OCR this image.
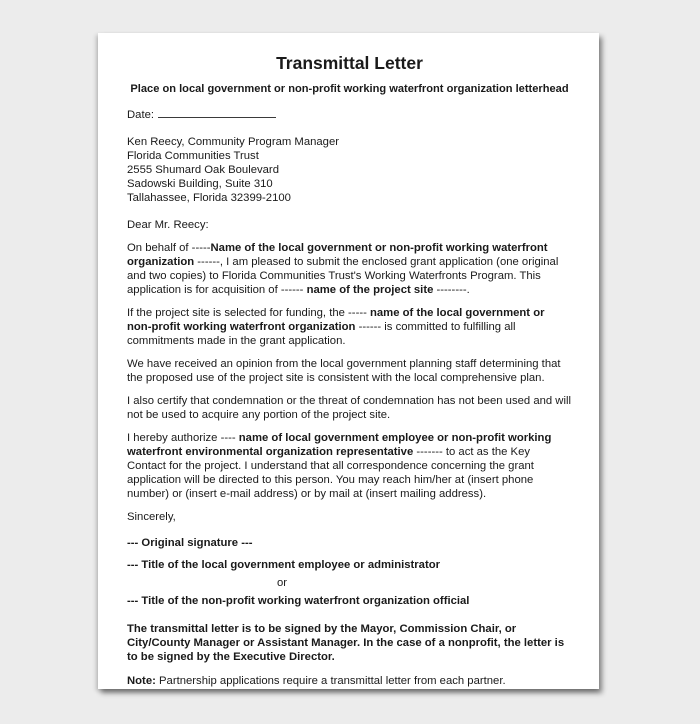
Transmittal Letter
Place on local government or non-profit working waterfront organization letterhead
Date:
Ken Reecy, Community Program Manager
Florida Communities Trust
2555 Shumard Oak Boulevard
Sadowski Building, Suite 310
Tallahassee, Florida 32399-2100
Dear Mr. Reecy:

On behalf of -----Name of the local government or non-profit working waterfront organization ------, I am pleased to submit the enclosed grant application (one original and two copies) to Florida Communities Trust's Working Waterfronts Program. This application is for acquisition of ------ name of the project site --------.

If the project site is selected for funding, the ----- name of the local government or non-profit working waterfront organization ------ is committed to fulfilling all commitments made in the grant application.

We have received an opinion from the local government planning staff determining that the proposed use of the project site is consistent with the local comprehensive plan.

I also certify that condemnation or the threat of condemnation has not been used and will not be used to acquire any portion of the project site.

I hereby authorize ---- name of local government employee or non-profit working waterfront environmental organization representative ------- to act as the Key Contact for the project. I understand that all correspondence concerning the grant application will be directed to this person. You may reach him/her at (insert phone number) or (insert e-mail address) or by mail at (insert mailing address).

Sincerely,
--- Original signature ---
--- Title of the local government employee or administrator
or
--- Title of the non-profit working waterfront organization official

The transmittal letter is to be signed by the Mayor, Commission Chair, or City/County Manager or Assistant Manager. In the case of a nonprofit, the letter is to be signed by the Executive Director.

Note: Partnership applications require a transmittal letter from each partner.
